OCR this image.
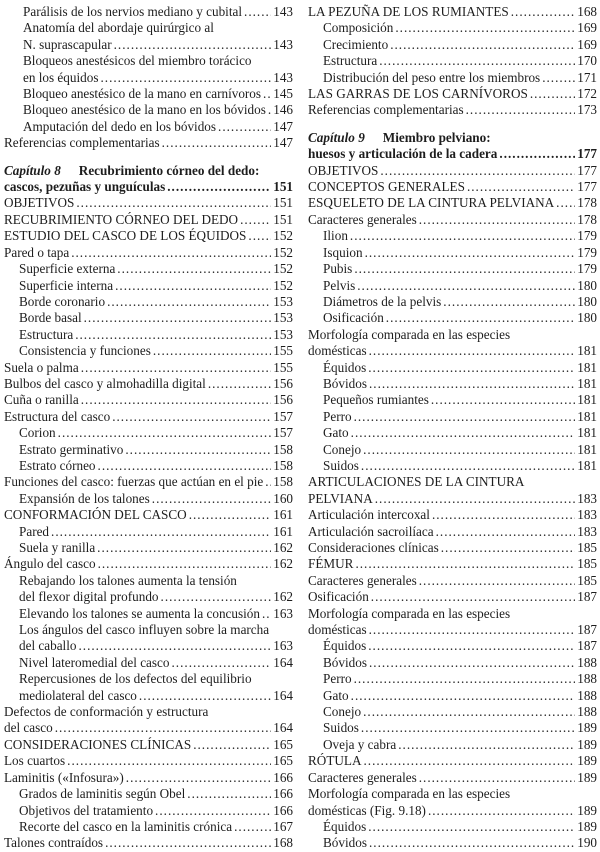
Parálisis de los nervios mediano y cubital ..... 143
Anatomía del abordaje quirúrgico al
N. suprascapular .....	143
Bloqueos anestésicos del miembro torácico
en los équidos .....	143
Bloqueo anestésico de la mano en carnívoros ..... 145
Bloqueo anestésico de la mano en los bóvidos ..... 146
Amputación del dedo en los bóvidos .....	147
Referencias complementarias .....	147
Capítulo 8 Recubrimiento córneo del dedo:
cascos, pezuñas y unguículas .....	151
OBJETIVOS .....	151
RECUBRIMIENTO CÓRNEO DEL DEDO .....	151
ESTUDIO DEL CASCO DE LOS ÉQUIDOS ..... 152
Pared o tapa .....	152
Superficie externa .....	152
Superficie interna .....	152
Borde coronario .....	153
Borde basal .....	153
Estructura .....	153
Consistencia y funciones .....	155
Suela o palma .....	155
Bulbos del casco y almohadilla digital .....	156
Cuña o ranilla .....	156
Estructura del casco .....	157
Corion .....	157
Estrato germinativo .....	158
Estrato córneo .....	158
Funciones del casco: fuerzas que actúan en el pie ..... 158
Expansión de los talones .....	160
CONFORMACIÓN DEL CASCO .....	161
Pared .....	161
Suela y ranilla .....	162
Ángulo del casco .....	162
Rebajando los talones aumenta la tensión
del flexor digital profundo .....	162
Elevando los talones se aumenta la concusión ..... 163
Los ángulos del casco influyen sobre la marcha
del caballo .....	163
Nivel lateromedial del casco .....	164
Repercusiones de los defectos del equilibrio
mediolateral del casco .....	164
Defectos de conformación y estructura
del casco .....	164
CONSIDERACIONES CLÍNICAS .....	165
Los cuartos .....	165
Laminitis («Infosura») .....	166
Grados de laminitis según Obel .....	166
Objetivos del tratamiento .....	166
Recorte del casco en la laminitis crónica .....	167
Talones contraídos .....	168
LA PEZUÑA DE LOS RUMIANTES .....	168
Composición .....	169
Crecimiento .....	169
Estructura .....	170
Distribución del peso entre los miembros .....	171
LAS GARRAS DE LOS CARNÍVOROS .....	172
Referencias complementarias .....	173
Capítulo 9 Miembro pelviano:
huesos y articulación de la cadera .....	177
OBJETIVOS .....	177
CONCEPTOS GENERALES .....	177
ESQUELETO DE LA CINTURA PELVIANA ..... 178
Caracteres generales .....	178
Ilion .....	179
Isquion .....	179
Pubis .....	179
Pelvis .....	180
Diámetros de la pelvis .....	180
Osificación .....	180
Morfología comparada en las especies
domésticas .....	181
Équidos .....	181
Bóvidos .....	181
Pequeños rumiantes .....	181
Perro .....	181
Gato .....	181
Conejo .....	181
Suidos .....	181
ARTICULACIONES DE LA CINTURA
PELVIANA .....	183
Articulación intercoxal .....	183
Articulación sacroilíaca .....	183
Consideraciones clínicas .....	185
FÉMUR .....	185
Caracteres generales .....	185
Osificación .....	187
Morfología comparada en las especies
domésticas .....	187
Équidos .....	187
Bóvidos .....	188
Perro .....	188
Gato .....	188
Conejo .....	188
Suidos .....	189
Oveja y cabra .....	189
RÓTULA .....	189
Caracteres generales .....	189
Morfología comparada en las especies
domésticas (Fig. 9.18) .....	189
Équidos .....	189
Bóvidos .....	190
